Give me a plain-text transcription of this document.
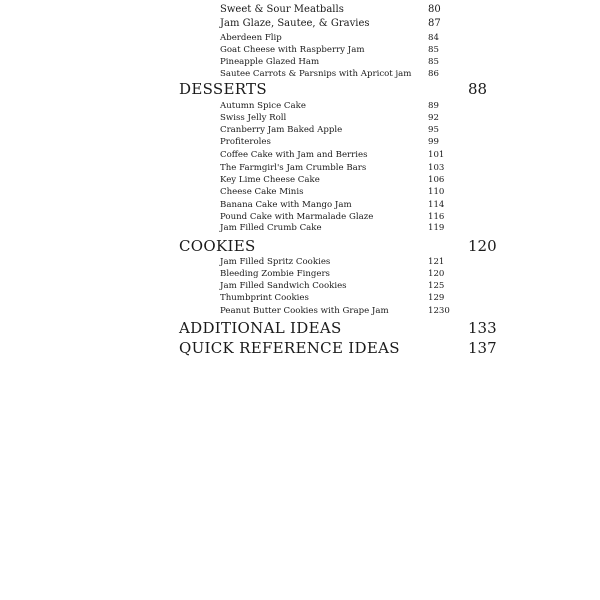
Sweet & Sour Meatballs	80
Jam Glaze, Sautee, & Gravies	87
Aberdeen Flip	84
Goat Cheese with Raspberry Jam	85
Pineapple Glazed Ham	85
Sautee Carrots & Parsnips with Apricot jam 86
DESSERTS	88
Autumn Spice Cake	89
Swiss Jelly Roll	92
Cranberry Jam Baked Apple	95
Profiteroles	99
Coffee Cake with Jam and Berries	101
The Farmgirl's Jam Crumble Bars	103
Key Lime Cheese Cake	106
Cheese Cake Minis	110
Banana Cake with Mango Jam	114
Pound Cake with Marmalade Glaze	116
Jam Filled Crumb Cake	119
COOKIES	120
Jam Filled Spritz Cookies	121
Bleeding Zombie Fingers	120
Jam Filled Sandwich Cookies	125
Thumbprint Cookies	129
Peanut Butter Cookies with Grape Jam	1230
ADDITIONAL IDEAS	133
QUICK REFERENCE IDEAS	137
